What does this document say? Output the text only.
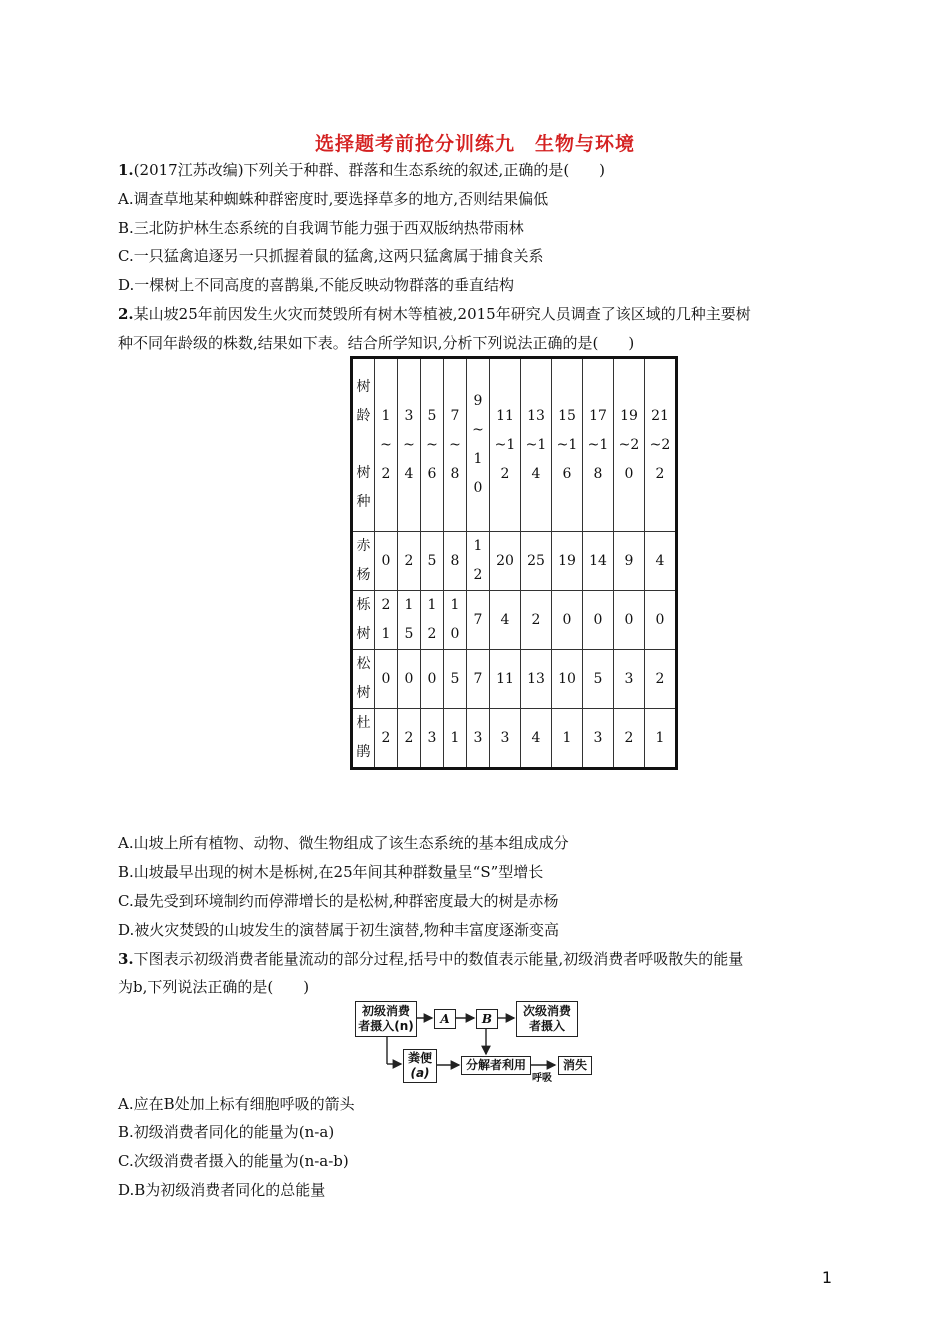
选择题考前抢分训练九　生物与环境
1.(2017江苏改编)下列关于种群、群落和生态系统的叙述,正确的是(　　)
A.调查草地某种蜘蛛种群密度时,要选择草多的地方,否则结果偏低
B.三北防护林生态系统的自我调节能力强于西双版纳热带雨林
C.一只猛禽追逐另一只抓握着鼠的猛禽,这两只猛禽属于捕食关系
D.一棵树上不同高度的喜鹊巢,不能反映动物群落的垂直结构
2.某山坡25年前因发生火灾而焚毁所有树木等植被,2015年研究人员调查了该区域的几种主要树
种不同年龄级的株数,结果如下表。结合所学知识,分析下列说法正确的是(　　)
树龄
树种	1~2	3~4	5~6	7~8	9~10	11~12	13~14	15~16	17~18	19~20	21~22

赤杨	0	2	5	8	12	20	25	19	14	9	4

栎树	21	15	12	10	7	4	2	0	0	0	0

松树	0	0	0	5	7	11	13	10	5	3	2

杜鹃	2	2	3	1	3	3	4	1	3	2	1
A.山坡上所有植物、动物、微生物组成了该生态系统的基本组成成分
B.山坡最早出现的树木是栎树,在25年间其种群数量呈“S”型增长
C.最先受到环境制约而停滞增长的是松树,种群密度最大的树是赤杨
D.被火灾焚毁的山坡发生的演替属于初生演替,物种丰富度逐渐变高
3.下图表示初级消费者能量流动的部分过程,括号中的数值表示能量,初级消费者呼吸散失的能量
为b,下列说法正确的是(　　)
初级消费
者摄入(n)
A	B
次级消费
者摄入
粪便
(a)
分解者利用
呼吸
消失
A.应在B处加上标有细胞呼吸的箭头
B.初级消费者同化的能量为(n-a)
C.次级消费者摄入的能量为(n-a-b)
D.B为初级消费者同化的总能量
1
